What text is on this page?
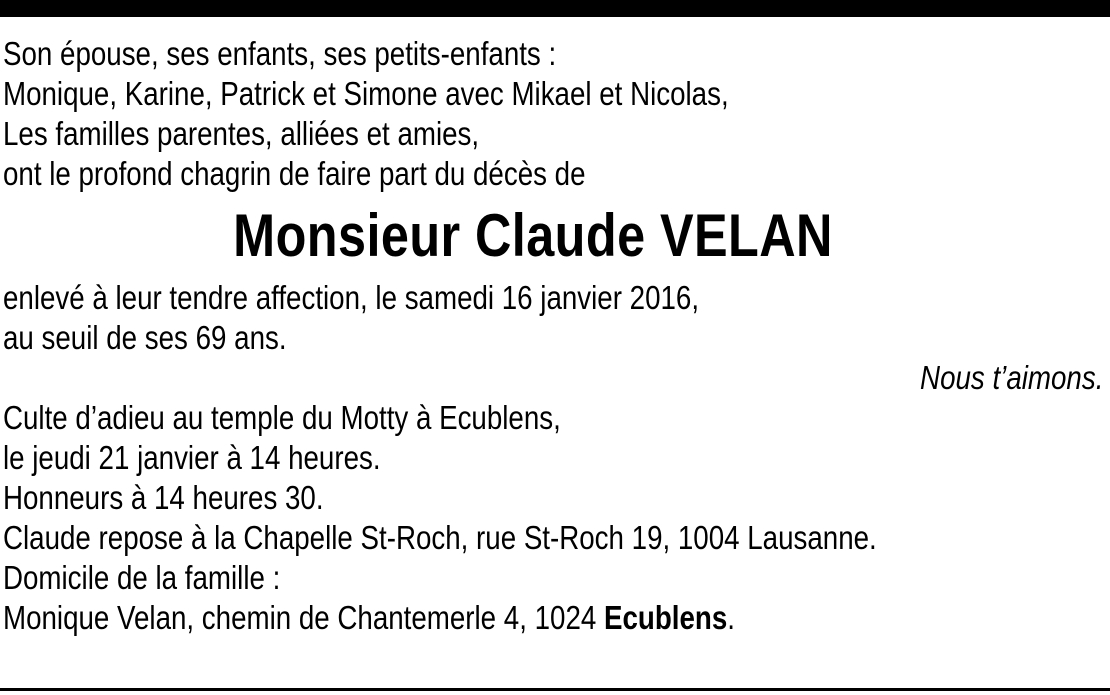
Son épouse, ses enfants, ses petits-enfants :
Monique, Karine, Patrick et Simone avec Mikael et Nicolas,
Les familles parentes, alliées et amies,
ont le profond chagrin de faire part du décès de
Monsieur Claude VELAN
enlevé à leur tendre affection, le samedi 16 janvier 2016,
au seuil de ses 69 ans.
Nous t’aimons.
Culte d’adieu au temple du Motty à Ecublens,
le jeudi 21 janvier à 14 heures.
Honneurs à 14 heures 30.
Claude repose à la Chapelle St-Roch, rue St-Roch 19, 1004 Lausanne.
Domicile de la famille :
Monique Velan, chemin de Chantemerle 4, 1024 Ecublens.
